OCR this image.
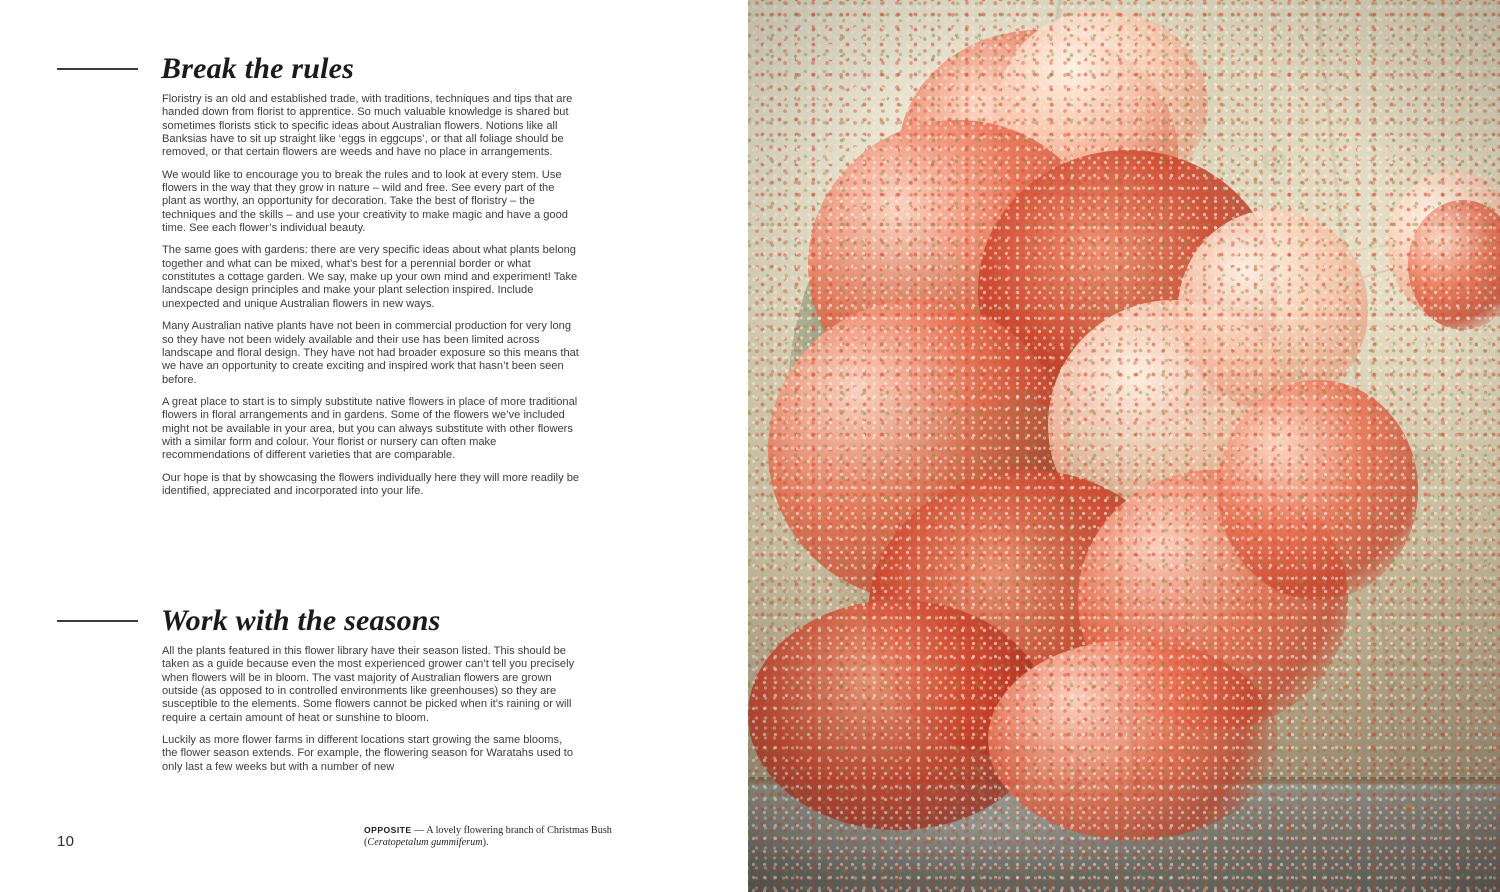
Break the rules

Floristry is an old and established trade, with traditions, techniques and tips that are handed down from florist to apprentice. So much valuable knowledge is shared but sometimes florists stick to specific ideas about Australian flowers. Notions like all Banksias have to sit up straight like ‘eggs in eggcups’, or that all foliage should be removed, or that certain flowers are weeds and have no place in arrangements.

We would like to encourage you to break the rules and to look at every stem. Use flowers in the way that they grow in nature – wild and free. See every part of the plant as worthy, an opportunity for decoration. Take the best of floristry – the techniques and the skills – and use your creativity to make magic and have a good time. See each flower’s individual beauty.

The same goes with gardens: there are very specific ideas about what plants belong together and what can be mixed, what’s best for a perennial border or what constitutes a cottage garden. We say, make up your own mind and experiment! Take landscape design principles and make your plant selection inspired. Include unexpected and unique Australian flowers in new ways.

Many Australian native plants have not been in commercial production for very long so they have not been widely available and their use has been limited across landscape and floral design. They have not had broader exposure so this means that we have an opportunity to create exciting and inspired work that hasn’t been seen before.

A great place to start is to simply substitute native flowers in place of more traditional flowers in floral arrangements and in gardens. Some of the flowers we’ve included might not be available in your area, but you can always substitute with other flowers with a similar form and colour. Your florist or nursery can often make recommendations of different varieties that are comparable.

Our hope is that by showcasing the flowers individually here they will more readily be identified, appreciated and incorporated into your life.

Work with the seasons

All the plants featured in this flower library have their season listed. This should be taken as a guide because even the most experienced grower can’t tell you precisely when flowers will be in bloom. The vast majority of Australian flowers are grown outside (as opposed to in controlled environments like greenhouses) so they are susceptible to the elements. Some flowers cannot be picked when it’s raining or will require a certain amount of heat or sunshine to bloom.

Luckily as more flower farms in different locations start growing the same blooms, the flower season extends. For example, the flowering season for Waratahs used to only last a few weeks but with a number of new

10
OPPOSITE — A lovely flowering branch of Christmas Bush (Ceratopetalum gummiferum).
